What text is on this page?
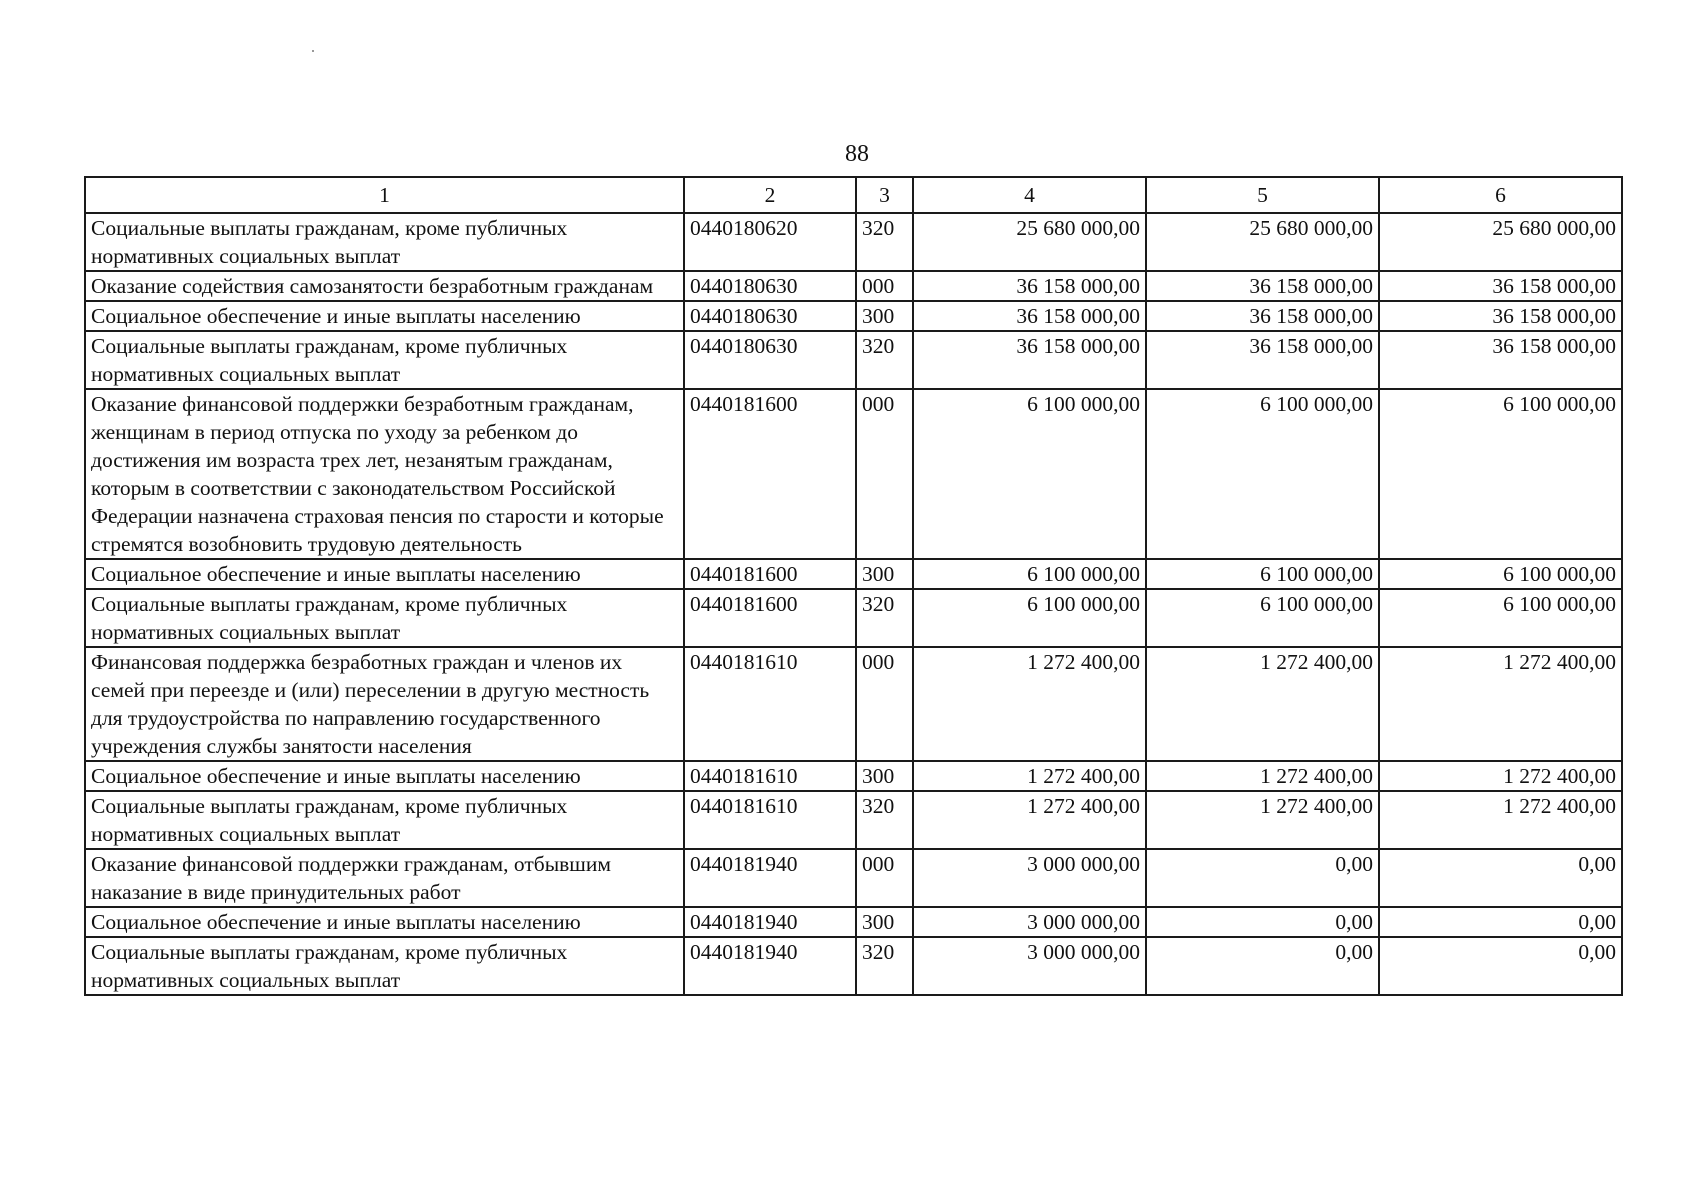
88
1	2	3	4	5	6
Социальные выплаты гражданам, кроме публичных нормативных социальных выплат	0440180620	320	25 680 000,00	25 680 000,00	25 680 000,00
Оказание содействия самозанятости безработным гражданам	0440180630	000	36 158 000,00	36 158 000,00	36 158 000,00
Социальное обеспечение и иные выплаты населению	0440180630	300	36 158 000,00	36 158 000,00	36 158 000,00
Социальные выплаты гражданам, кроме публичных нормативных социальных выплат	0440180630	320	36 158 000,00	36 158 000,00	36 158 000,00
Оказание финансовой поддержки безработным гражданам, женщинам в период отпуска по уходу за ребенком до достижения им возраста трех лет, незанятым гражданам, которым в соответствии с законодательством Российской Федерации назначена страховая пенсия по старости и которые стремятся возобновить трудовую деятельность	0440181600	000	6 100 000,00	6 100 000,00	6 100 000,00
Социальное обеспечение и иные выплаты населению	0440181600	300	6 100 000,00	6 100 000,00	6 100 000,00
Социальные выплаты гражданам, кроме публичных нормативных социальных выплат	0440181600	320	6 100 000,00	6 100 000,00	6 100 000,00
Финансовая поддержка безработных граждан и членов их семей при переезде и (или) переселении в другую местность для трудоустройства по направлению государственного учреждения службы занятости населения	0440181610	000	1 272 400,00	1 272 400,00	1 272 400,00
Социальное обеспечение и иные выплаты населению	0440181610	300	1 272 400,00	1 272 400,00	1 272 400,00
Социальные выплаты гражданам, кроме публичных нормативных социальных выплат	0440181610	320	1 272 400,00	1 272 400,00	1 272 400,00
Оказание финансовой поддержки гражданам, отбывшим наказание в виде принудительных работ	0440181940	000	3 000 000,00	0,00	0,00
Социальное обеспечение и иные выплаты населению	0440181940	300	3 000 000,00	0,00	0,00
Социальные выплаты гражданам, кроме публичных нормативных социальных выплат	0440181940	320	3 000 000,00	0,00	0,00
